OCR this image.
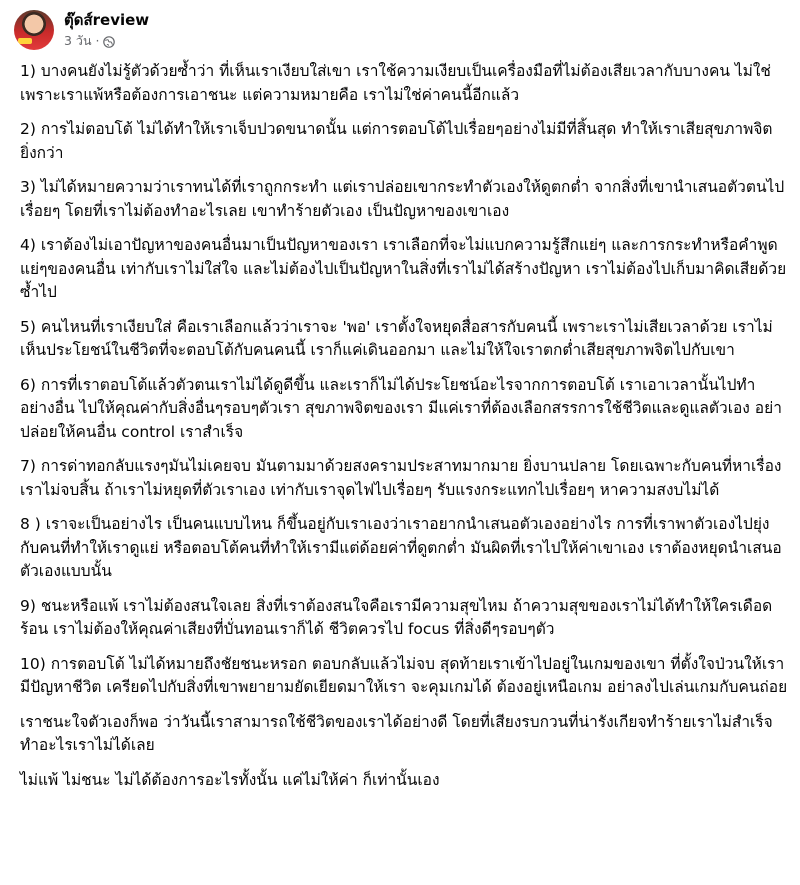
ตุ๊ดส์review
3 วัน ·

1) บางคนยังไม่รู้ตัวด้วยซ้ำว่า ที่เห็นเราเงียบใส่เขา เราใช้ความเงียบเป็นเครื่องมือที่ไม่ต้องเสียเวลากับบางคน ไม่ใช่เพราะเราแพ้หรือต้องการเอาชนะ แต่ความหมายคือ เราไม่ใช่ค่าคนนี้อีกแล้ว

2) การไม่ตอบโต้ ไม่ได้ทำให้เราเจ็บปวดขนาดนั้น แต่การตอบโต้ไปเรื่อยๆอย่างไม่มีที่สิ้นสุด ทำให้เราเสียสุขภาพจิตยิ่งกว่า

3) ไม่ได้หมายความว่าเราทนได้ที่เราถูกกระทำ แต่เราปล่อยเขากระทำตัวเองให้ดูตกต่ำ จากสิ่งที่เขานำเสนอตัวตนไปเรื่อยๆ โดยที่เราไม่ต้องทำอะไรเลย เขาทำร้ายตัวเอง เป็นปัญหาของเขาเอง

4) เราต้องไม่เอาปัญหาของคนอื่นมาเป็นปัญหาของเรา เราเลือกที่จะไม่แบกความรู้สึกแย่ๆ และการกระทำหรือคำพูดแย่ๆของคนอื่น เท่ากับเราไม่ใส่ใจ และไม่ต้องไปเป็นปัญหาในสิ่งที่เราไม่ได้สร้างปัญหา เราไม่ต้องไปเก็บมาคิดเสียด้วยซ้ำไป

5) คนไหนที่เราเงียบใส่ คือเราเลือกแล้วว่าเราจะ 'พอ' เราตั้งใจหยุดสื่อสารกับคนนี้ เพราะเราไม่เสียเวลาด้วย เราไม่เห็นประโยชน์ในชีวิตที่จะตอบโต้กับคนคนนี้ เราก็แค่เดินออกมา และไม่ให้ใจเราตกต่ำเสียสุขภาพจิตไปกับเขา

6) การที่เราตอบโต้แล้วตัวตนเราไม่ได้ดูดีขึ้น และเราก็ไม่ได้ประโยชน์อะไรจากการตอบโต้ เราเอาเวลานั้นไปทำอย่างอื่น ไปให้คุณค่ากับสิ่งอื่นๆรอบๆตัวเรา สุขภาพจิตของเรา มีแค่เราที่ต้องเลือกสรรการใช้ชีวิตและดูแลตัวเอง อย่าปล่อยให้คนอื่น control เราสำเร็จ

7) การด่าทอกลับแรงๆมันไม่เคยจบ มันตามมาด้วยสงครามประสาทมากมาย ยิ่งบานปลาย โดยเฉพาะกับคนที่หาเรื่องเราไม่จบสิ้น ถ้าเราไม่หยุดที่ตัวเราเอง เท่ากับเราจุดไฟไปเรื่อยๆ รับแรงกระแทกไปเรื่อยๆ หาความสงบไม่ได้

8 ) เราจะเป็นอย่างไร เป็นคนแบบไหน ก็ขึ้นอยู่กับเราเองว่าเราอยากนำเสนอตัวเองอย่างไร การที่เราพาตัวเองไปยุ่งกับคนที่ทำให้เราดูแย่ หรือตอบโต้คนที่ทำให้เรามีแต่ด้อยค่าที่ดูตกต่ำ มันผิดที่เราไปให้ค่าเขาเอง เราต้องหยุดนำเสนอตัวเองแบบนั้น

9) ชนะหรือแพ้ เราไม่ต้องสนใจเลย สิ่งที่เราต้องสนใจคือเรามีความสุขไหม ถ้าความสุขของเราไม่ได้ทำให้ใครเดือดร้อน เราไม่ต้องให้คุณค่าเสียงที่บั่นทอนเราก็ได้ ชีวิตควรไป focus ที่สิ่งดีๆรอบๆตัว

10) การตอบโต้ ไม่ได้หมายถึงชัยชนะหรอก ตอบกลับแล้วไม่จบ สุดท้ายเราเข้าไปอยู่ในเกมของเขา ที่ตั้งใจป่วนให้เรามีปัญหาชีวิต เครียดไปกับสิ่งที่เขาพยายามยัดเยียดมาให้เรา จะคุมเกมได้ ต้องอยู่เหนือเกม อย่าลงไปเล่นเกมกับคนถ่อย

เราชนะใจตัวเองก็พอ ว่าวันนี้เราสามารถใช้ชีวิตของเราได้อย่างดี โดยที่เสียงรบกวนที่น่ารังเกียจทำร้ายเราไม่สำเร็จ ทำอะไรเราไม่ได้เลย

ไม่แพ้ ไม่ชนะ ไม่ได้ต้องการอะไรทั้งนั้น แค่ไม่ให้ค่า ก็เท่านั้นเอง
